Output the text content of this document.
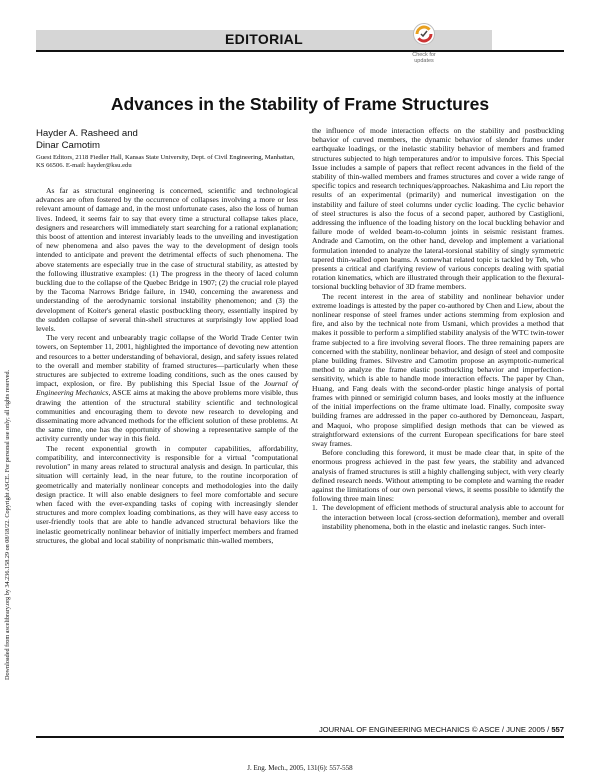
EDITORIAL
Check for
updates
Advances in the Stability of Frame Structures
Hayder A. Rasheed and
Dinar Camotim
Guest Editors, 2118 Fiedler Hall, Kansas State University, Dept. of Civil Engineering, Manhattan, KS 66506. E-mail: hayder@ksu.edu
Downloaded from ascelibrary.org by 34.236.158.29 on 08/18/22. Copyright ASCE. For personal use only; all rights reserved.

As far as structural engineering is concerned, scientific and technological advances are often fostered by the occurrence of collapses involving a more or less relevant amount of damage and, in the most unfortunate cases, also the loss of human lives. Indeed, it seems fair to say that every time a structural collapse takes place, designers and researchers will immediately start searching for a rational explanation; this boost of attention and interest invariably leads to the unveiling and investigation of new phenomena and also paves the way to the development of design tools intended to anticipate and prevent the detrimental effects of such phenomena. The above statements are especially true in the case of structural stability, as attested by the following illustrative examples: (1) The progress in the theory of laced column buckling due to the collapse of the Quebec Bridge in 1907; (2) the crucial role played by the Tacoma Narrows Bridge failure, in 1940, concerning the awareness and understanding of the aerodynamic torsional instability phenomenon; and (3) the development of Koiter's general elastic postbuckling theory, essentially inspired by the sudden collapse of several thin-shell structures at surprisingly low applied load levels.

The very recent and unbearably tragic collapse of the World Trade Center twin towers, on September 11, 2001, highlighted the importance of devoting new attention and resources to a better understanding of behavioral, design, and safety issues related to the overall and member stability of framed structures—particularly when these structures are subjected to extreme loading conditions, such as the ones caused by impact, explosion, or fire. By publishing this Special Issue of the Journal of Engineering Mechanics, ASCE aims at making the above problems more visible, thus drawing the attention of the structural stability scientific and technological communities and encouraging them to devote new research to developing and disseminating more advanced methods for the efficient solution of these problems. At the same time, one has the opportunity of showing a representative sample of the activity currently under way in this field.

The recent exponential growth in computer capabilities, affordability, compatibility, and interconnectivity is responsible for a virtual "computational revolution" in many areas related to structural analysis and design. In particular, this situation will certainly lead, in the near future, to the routine incorporation of geometrically and materially nonlinear concepts and methodologies into the daily design practice. It will also enable designers to feel more comfortable and secure when faced with the ever-expanding tasks of coping with increasingly slender structures and more complex loading combinations, as they will have easy access to user-friendly tools that are able to handle advanced structural behaviors like the inelastic geometrically nonlinear behavior of initially imperfect members and framed structures, the global and local stability of nonprismatic thin-walled members,

the influence of mode interaction effects on the stability and postbuckling behavior of curved members, the dynamic behavior of slender frames under earthquake loadings, or the inelastic stability behavior of members and framed structures subjected to high temperatures and/or to impulsive forces. This Special Issue includes a sample of papers that reflect recent advances in the field of the stability of thin-walled members and frames structures and cover a wide range of specific topics and research techniques/approaches. Nakashima and Liu report the results of an experimental (primarily) and numerical investigation on the instability and failure of steel columns under cyclic loading. The cyclic behavior of steel structures is also the focus of a second paper, authored by Castiglioni, addressing the influence of the loading history on the local buckling behavior and failure mode of welded beam-to-column joints in seismic resistant frames. Andrade and Camotim, on the other hand, develop and implement a variational formulation intended to analyze the lateral-torsional stability of singly symmetric tapered thin-walled open beams. A somewhat related topic is tackled by Teh, who presents a critical and clarifying review of various concepts dealing with spatial rotation kinematics, which are illustrated through their application to the flexural-torsional buckling behavior of 3D frame members.

The recent interest in the area of stability and nonlinear behavior under extreme loadings is attested by the paper co-authored by Chen and Liew, about the nonlinear response of steel frames under actions stemming from explosion and fire, and also by the technical note from Usmani, which provides a method that makes it possible to perform a simplified stability analysis of the WTC twin-tower frame subjected to a fire involving several floors. The three remaining papers are concerned with the stability, nonlinear behavior, and design of steel and composite plane building frames. Silvestre and Camotim propose an asymptotic-numerical method to analyze the frame elastic postbuckling behavior and imperfection-sensitivity, which is able to handle mode interaction effects. The paper by Chan, Huang, and Fang deals with the second-order plastic hinge analysis of portal frames with pinned or semirigid column bases, and looks mostly at the influence of the initial imperfections on the frame ultimate load. Finally, composite sway building frames are addressed in the paper co-authored by Demonceau, Jaspart, and Maquoi, who propose simplified design methods that can be viewed as straightforward extensions of the current European specifications for bare steel sway frames.

Before concluding this foreword, it must be made clear that, in spite of the enormous progress achieved in the past few years, the stability and advanced analysis of framed structures is still a highly challenging subject, with very clearly defined research needs. Without attempting to be complete and warning the reader against the limitations of our own personal views, it seems possible to identify the following three main lines:

1. The development of efficient methods of structural analysis able to account for the interaction between local (cross-section deformation), member and overall instability phenomena, both in the elastic and inelastic ranges. Such inter-
JOURNAL OF ENGINEERING MECHANICS © ASCE / JUNE 2005 / 557
J. Eng. Mech., 2005, 131(6): 557-558
